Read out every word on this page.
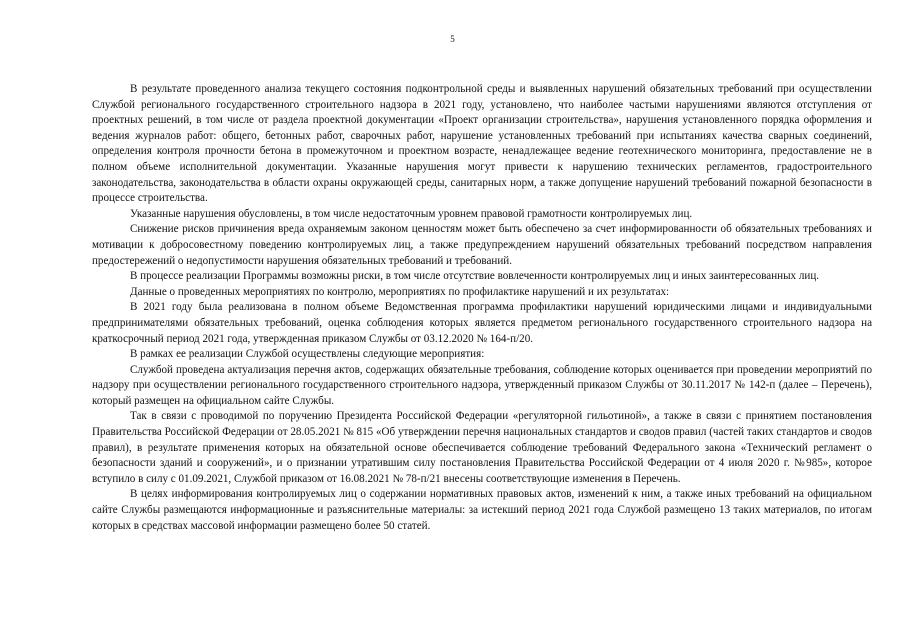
5

В результате проведенного анализа текущего состояния подконтрольной среды и выявленных нарушений обязательных требований при осуществлении Службой регионального государственного строительного надзора в 2021 году, установлено, что наиболее частыми нарушениями являются отступления от проектных решений, в том числе от раздела проектной документации «Проект организации строительства», нарушения установленного порядка оформления и ведения журналов работ: общего, бетонных работ, сварочных работ, нарушение установленных требований при испытаниях качества сварных соединений, определения контроля прочности бетона в промежуточном и проектном возрасте, ненадлежащее ведение геотехнического мониторинга, предоставление не в полном объеме исполнительной документации. Указанные нарушения могут привести к нарушению технических регламентов, градостроительного законодательства, законодательства в области охраны окружающей среды, санитарных норм, а также допущение нарушений требований пожарной безопасности в процессе строительства.

Указанные нарушения обусловлены, в том числе недостаточным уровнем правовой грамотности контролируемых лиц.

Снижение рисков причинения вреда охраняемым законом ценностям может быть обеспечено за счет информированности об обязательных требованиях и мотивации к добросовестному поведению контролируемых лиц, а также предупреждением нарушений обязательных требований посредством направления предостережений о недопустимости нарушения обязательных требований и требований.

В процессе реализации Программы возможны риски, в том числе отсутствие вовлеченности контролируемых лиц и иных заинтересованных лиц.

Данные о проведенных мероприятиях по контролю, мероприятиях по профилактике нарушений и их результатах:

В 2021 году была реализована в полном объеме Ведомственная программа профилактики нарушений юридическими лицами и индивидуальными предпринимателями обязательных требований, оценка соблюдения которых является предметом регионального государственного строительного надзора на краткосрочный период 2021 года, утвержденная приказом Службы от 03.12.2020 № 164-п/20.

В рамках ее реализации Службой осуществлены следующие мероприятия:

Службой проведена актуализация перечня актов, содержащих обязательные требования, соблюдение которых оценивается при проведении мероприятий по надзору при осуществлении регионального государственного строительного надзора, утвержденный приказом Службы от 30.11.2017 № 142-п (далее – Перечень), который размещен на официальном сайте Службы.

Так в связи с проводимой по поручению Президента Российской Федерации «регуляторной гильотиной», а также в связи с принятием постановления Правительства Российской Федерации от 28.05.2021 № 815 «Об утверждении перечня национальных стандартов и сводов правил (частей таких стандартов и сводов правил), в результате применения которых на обязательной основе обеспечивается соблюдение требований Федерального закона «Технический регламент о безопасности зданий и сооружений», и о признании утратившим силу постановления Правительства Российской Федерации от 4 июля 2020 г. №985», которое вступило в силу с 01.09.2021, Службой приказом от 16.08.2021 № 78-п/21 внесены соответствующие изменения в Перечень.

В целях информирования контролируемых лиц о содержании нормативных правовых актов, изменений к ним, а также иных требований на официальном сайте Службы размещаются информационные и разъяснительные материалы: за истекший период 2021 года Службой размещено 13 таких материалов, по итогам которых в средствах массовой информации размещено более 50 статей.
